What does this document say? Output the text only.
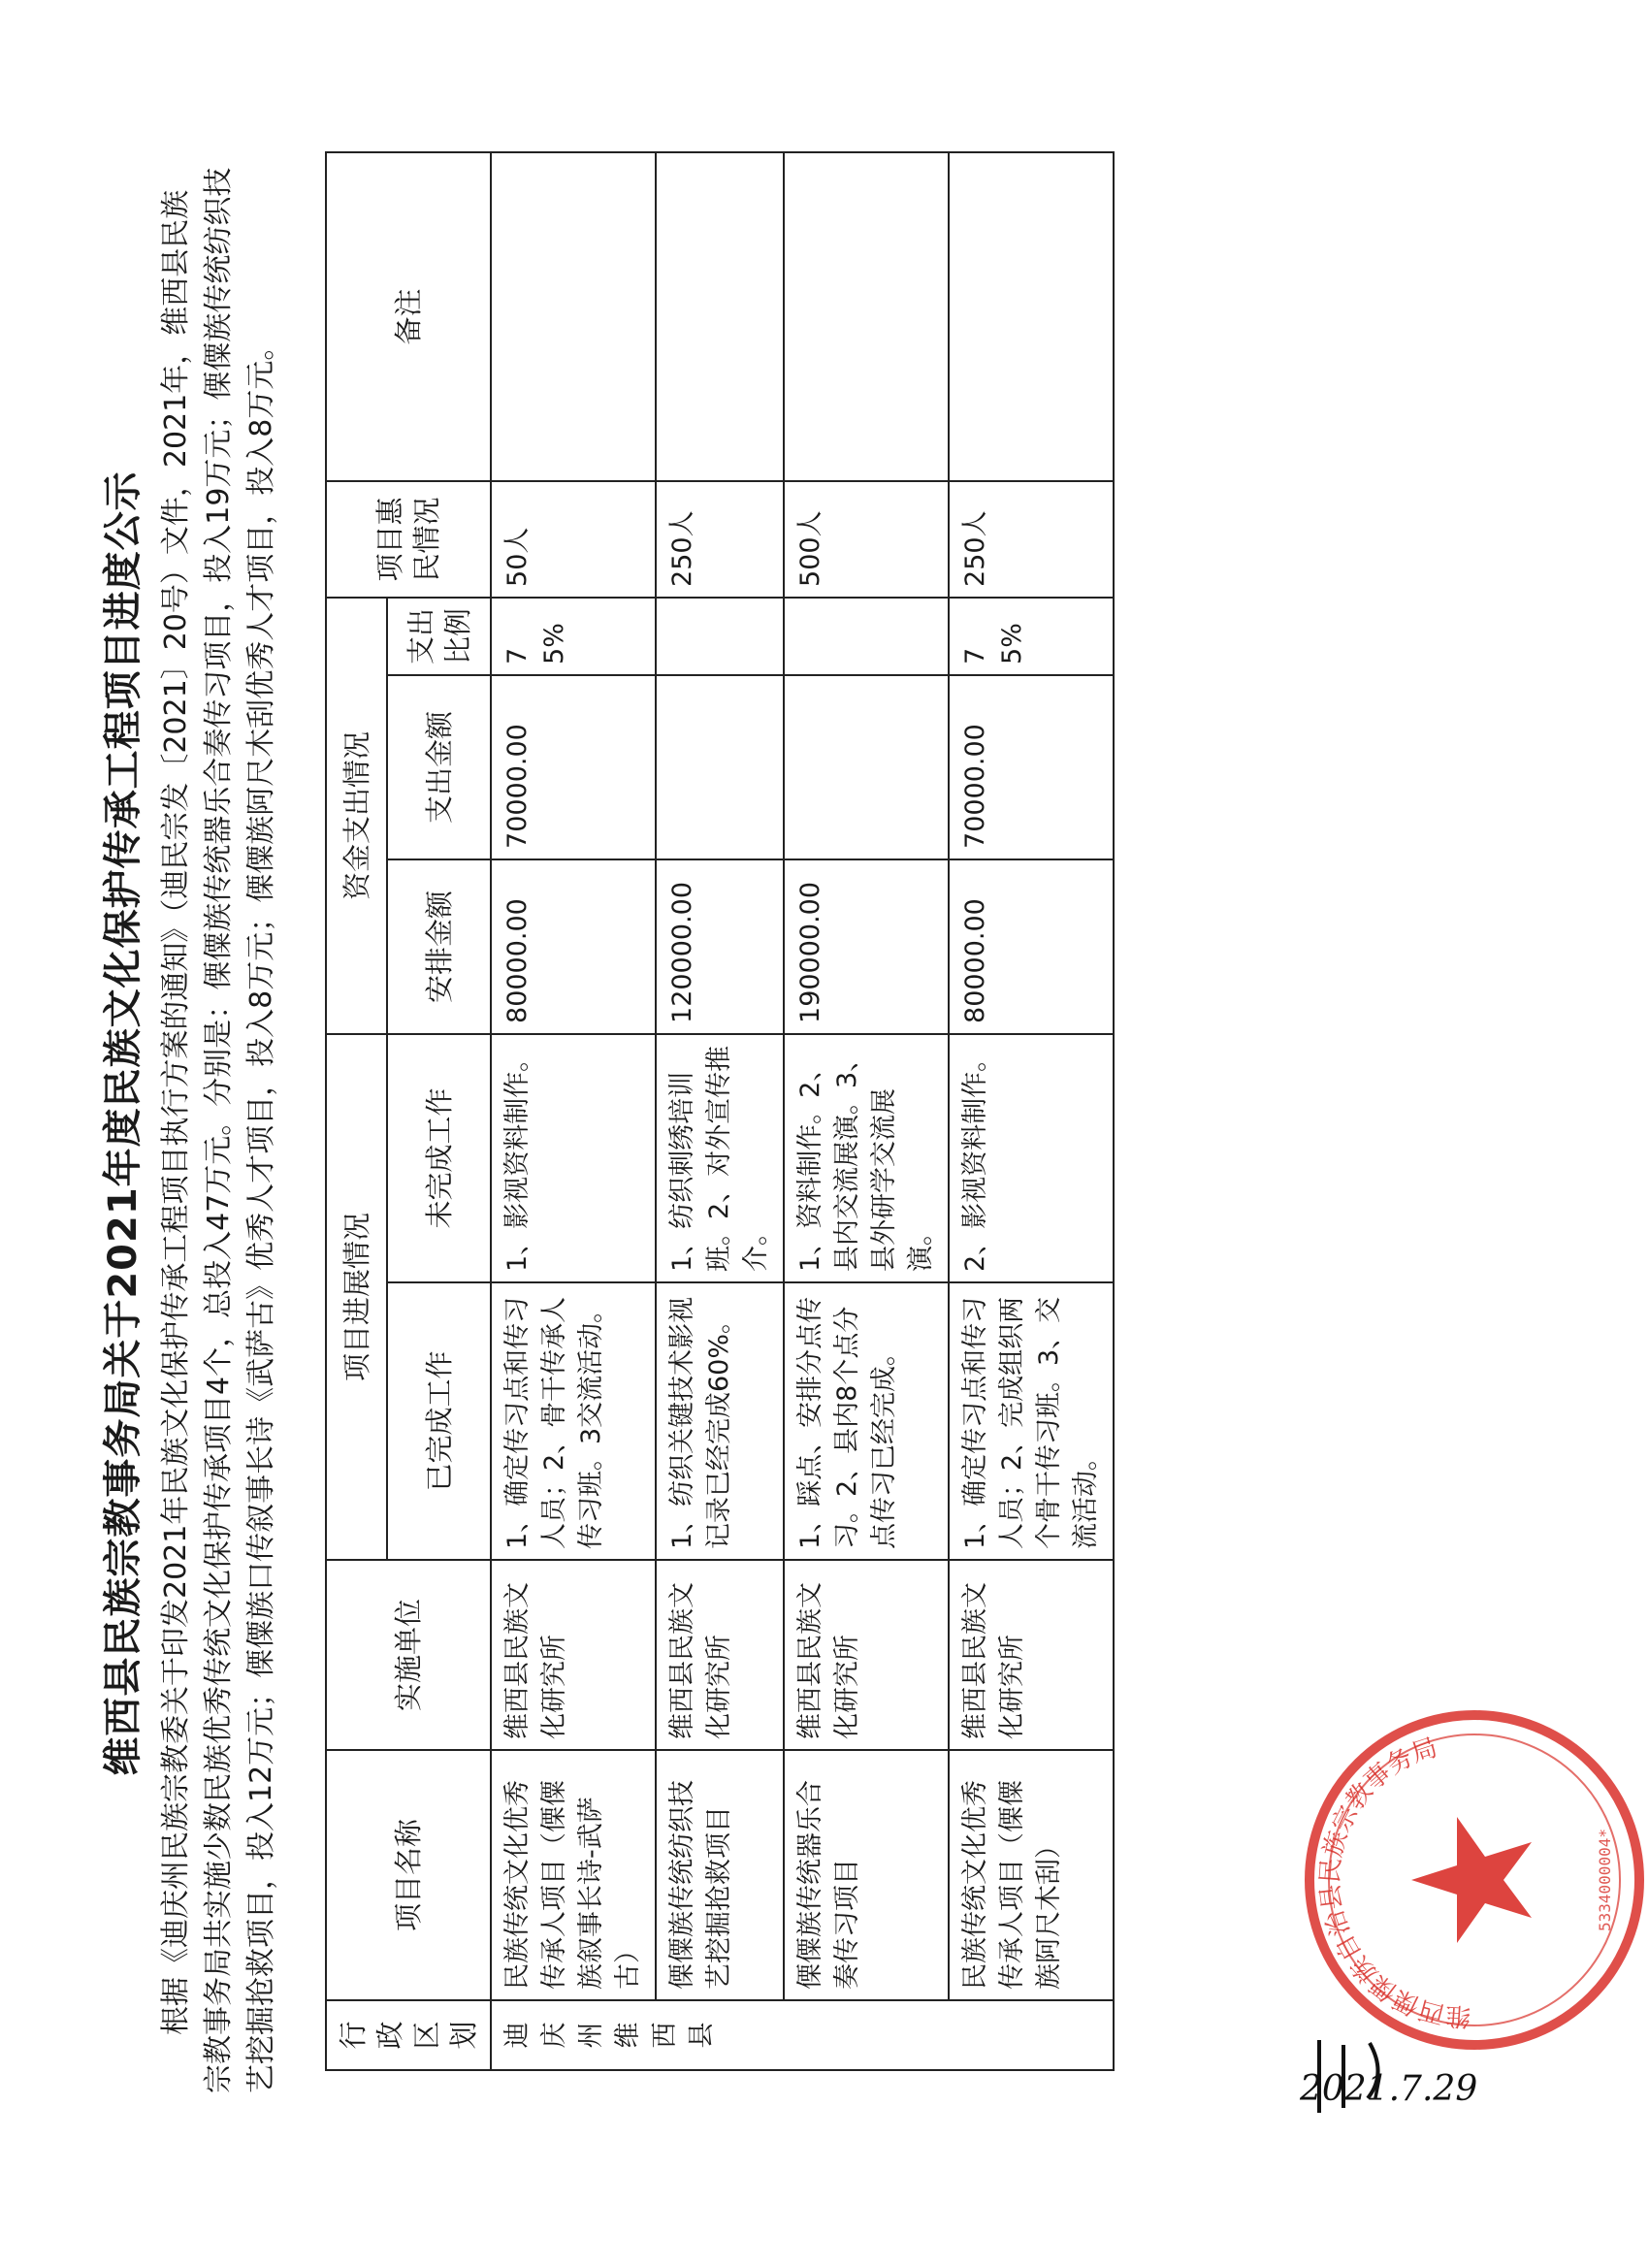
维西县民族宗教事务局关于2021年度民族文化保护传承工程项目进度公示 根据《迪庆州民族宗教委关于印发2021年民族文化保护传承工程项目执行方案的通知》（迪民宗发〔2021〕20号）文件，2021年，维西县民族宗教事务局共实施少数民族优秀传统文化保护传承项目4个，总投入47万元。分别是：傈僳族传统器乐合奏传习项目，投入19万元；傈僳族传统纺织技艺挖掘抢救项目，投入12万元；傈僳族口传叙事长诗《武萨古》优秀人才项目，投入8万元；傈僳族阿尺木刮优秀人才项目，投入8万元。 行政区划	项目名称	实施单位	项目进展情况		资金支出情况			项目惠民情况	备注
			已完成工作	未完成工作	安排金额	支出金额	支出比例		
迪庆州维西县	民族传统文化优秀传承人项目（傈僳族叙事长诗-武萨古）	维西县民族文化研究所	1、确定传习点和传习人员；2、骨干传承人传习班。3交流活动。	1、影视资料制作。	80000.00	70000.00	75%	50人	
	傈僳族传统纺织技艺挖掘抢救项目	维西县民族文化研究所	1、纺织关键技术影视记录已经完成60%。	1、纺织刺绣培训班。2、对外宣传推介。	120000.00			250人	
	傈僳族传统器乐合奏传习项目	维西县民族文化研究所	1、踩点、安排分点传习。2、县内8个点分点传习已经完成。	1、资料制作。2、县内交流展演。3、县外研学交流展演。	190000.00			500人	
	民族传统文化优秀传承人项目（傈僳族阿尺木刮）	维西县民族文化研究所	1、确定传习点和传习人员；2、完成组织两个骨干传习班。3、交流活动。	2、影视资料制作。	80000.00	70000.00	75%	250人	
维西傈僳族自治县民族宗教事务局
5334000004*
2021.7.29
